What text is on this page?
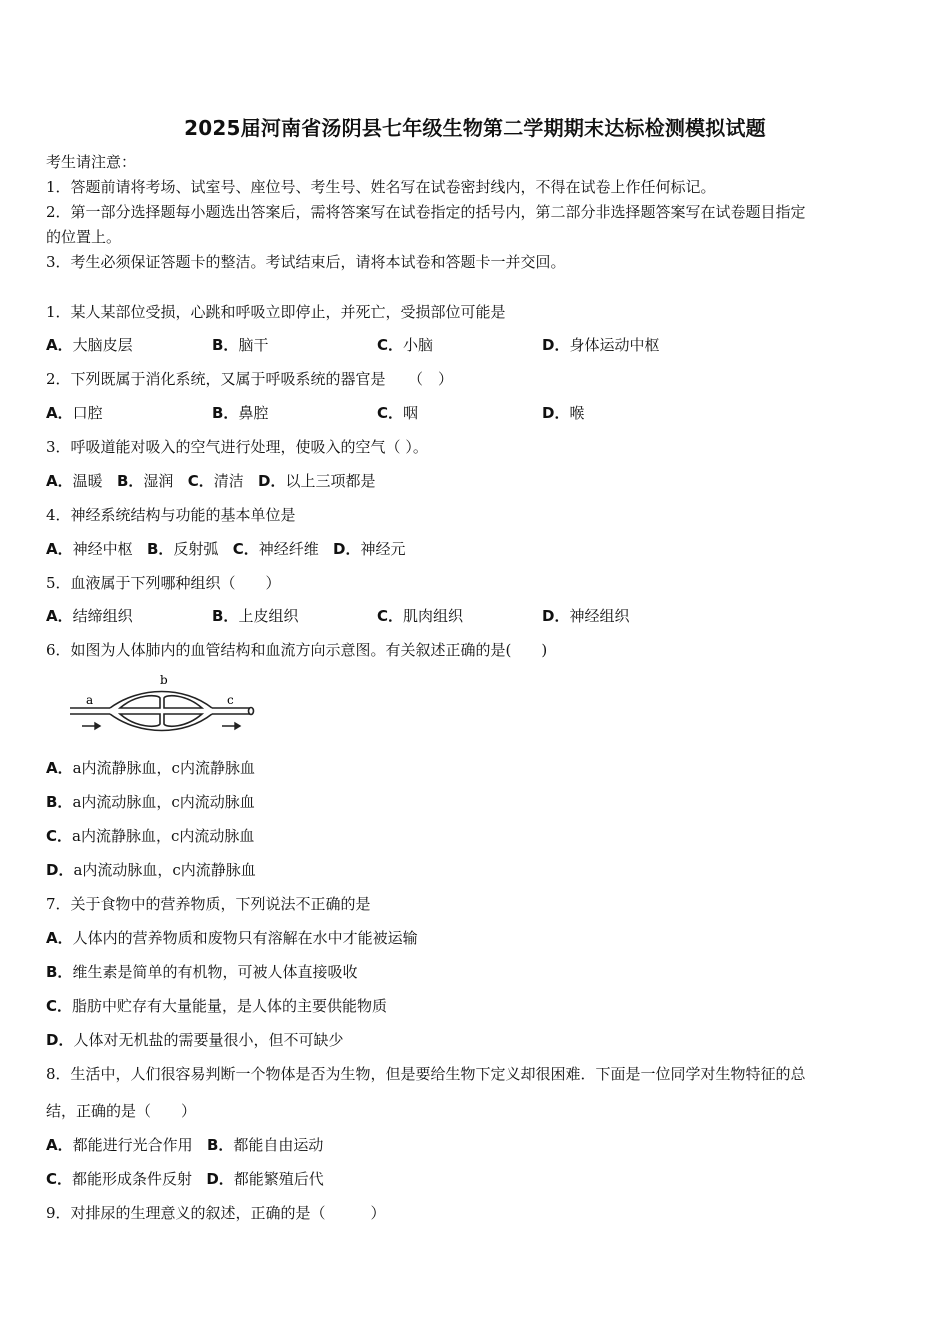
2025届河南省汤阴县七年级生物第二学期期末达标检测模拟试题
考生请注意：
1．答题前请将考场、试室号、座位号、考生号、姓名写在试卷密封线内，不得在试卷上作任何标记。
2．第一部分选择题每小题选出答案后，需将答案写在试卷指定的括号内，第二部分非选择题答案写在试卷题目指定
的位置上。
3．考生必须保证答题卡的整洁。考试结束后，请将本试卷和答题卡一并交回。
1．某人某部位受损，心跳和呼吸立即停止，并死亡，受损部位可能是
A．大脑皮层	B．脑干	C．小脑	D．身体运动中枢
2．下列既属于消化系统，又属于呼吸系统的器官是　　（　）
A．口腔	B．鼻腔	C．咽	D．喉
3．呼吸道能对吸入的空气进行处理，使吸入的空气（ ）。
A．温暖 B．湿润 C．清洁 D．以上三项都是
4．神经系统结构与功能的基本单位是
A．神经中枢 B．反射弧 C．神经纤维 D．神经元
5．血液属于下列哪种组织（　　）
A．结缔组织	B．上皮组织	C．肌肉组织	D．神经组织
6．如图为人体肺内的血管结构和血流方向示意图。有关叙述正确的是(　　)
a
b
c
A．a内流静脉血，c内流静脉血
B．a内流动脉血，c内流动脉血
C．a内流静脉血，c内流动脉血
D．a内流动脉血，c内流静脉血
7．关于食物中的营养物质，下列说法不正确的是
A．人体内的营养物质和废物只有溶解在水中才能被运输
B．维生素是简单的有机物，可被人体直接吸收
C．脂肪中贮存有大量能量，是人体的主要供能物质
D．人体对无机盐的需要量很小，但不可缺少
8．生活中，人们很容易判断一个物体是否为生物，但是要给生物下定义却很困难．下面是一位同学对生物特征的总
结，正确的是（　　）
A．都能进行光合作用 B．都能自由运动
C．都能形成条件反射 D．都能繁殖后代
9．对排尿的生理意义的叙述，正确的是（　　　）
